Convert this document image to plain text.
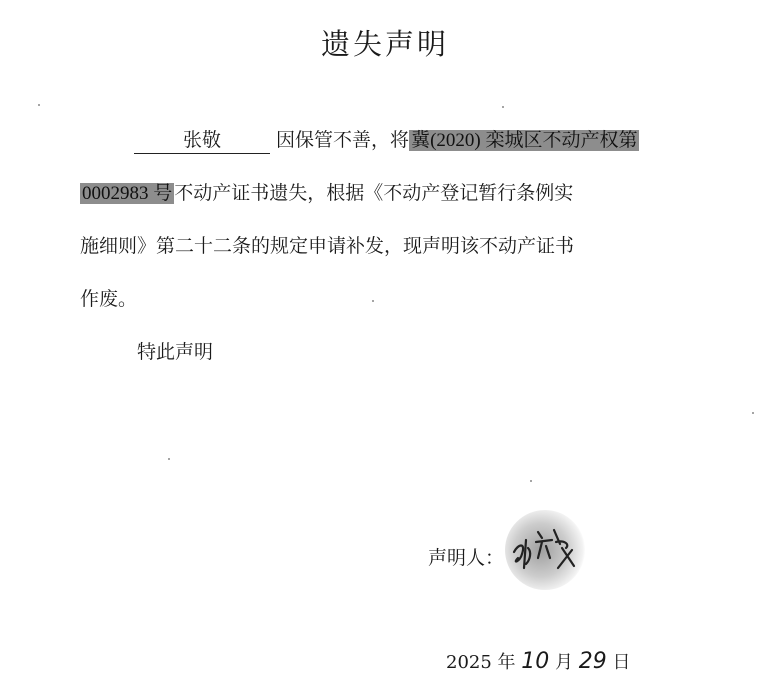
遗失声明
张敬	因保管不善，将 冀(2020) 栾城区不动产权第
0002983 号 不动产证书遗失，根据《不动产登记暂行条例实
施细则》第二十二条的规定申请补发，现声明该不动产证书
作废。
特此声明
声明人：
2025 年 10 月 29 日
